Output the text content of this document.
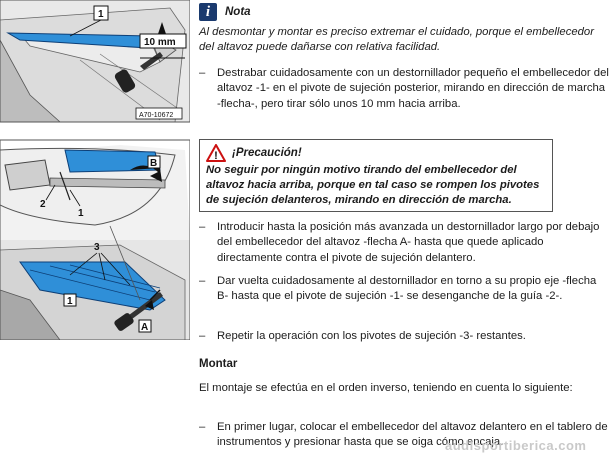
10 mm
1
A70-10672
B
2
1
A
3
1
i	Nota
Al desmontar y montar es preciso extremar el cuidado, porque el embellecedor del altavoz puede dañarse con relativa facilidad.
–	Destrabar cuidadosamente con un destornillador pequeño el embellecedor del altavoz -1- en el pivote de sujeción posterior, mirando en dirección de marcha -flecha-, pero tirar sólo unos 10 mm hacia arriba.
! ¡Precaución!
No seguir por ningún motivo tirando del embellecedor del altavoz hacia arriba, porque en tal caso se rompen los pivotes de sujeción delanteros, mirando en dirección de marcha.
–	Introducir hasta la posición más avanzada un destornillador largo por debajo del embellecedor del altavoz -flecha A- hasta que quede aplicado directamente contra el pivote de sujeción delantero.
–	Dar vuelta cuidadosamente al destornillador en torno a su propio eje -flecha B- hasta que el pivote de sujeción -1- se desenganche de la guía -2-.
–	Repetir la operación con los pivotes de sujeción -3- restantes.
Montar
El montaje se efectúa en el orden inverso, teniendo en cuenta lo siguiente:
–	En primer lugar, colocar el embellecedor del altavoz delantero en el tablero de instrumentos y presionar hasta que se oiga cómo encaja.
audisportiberica.com
